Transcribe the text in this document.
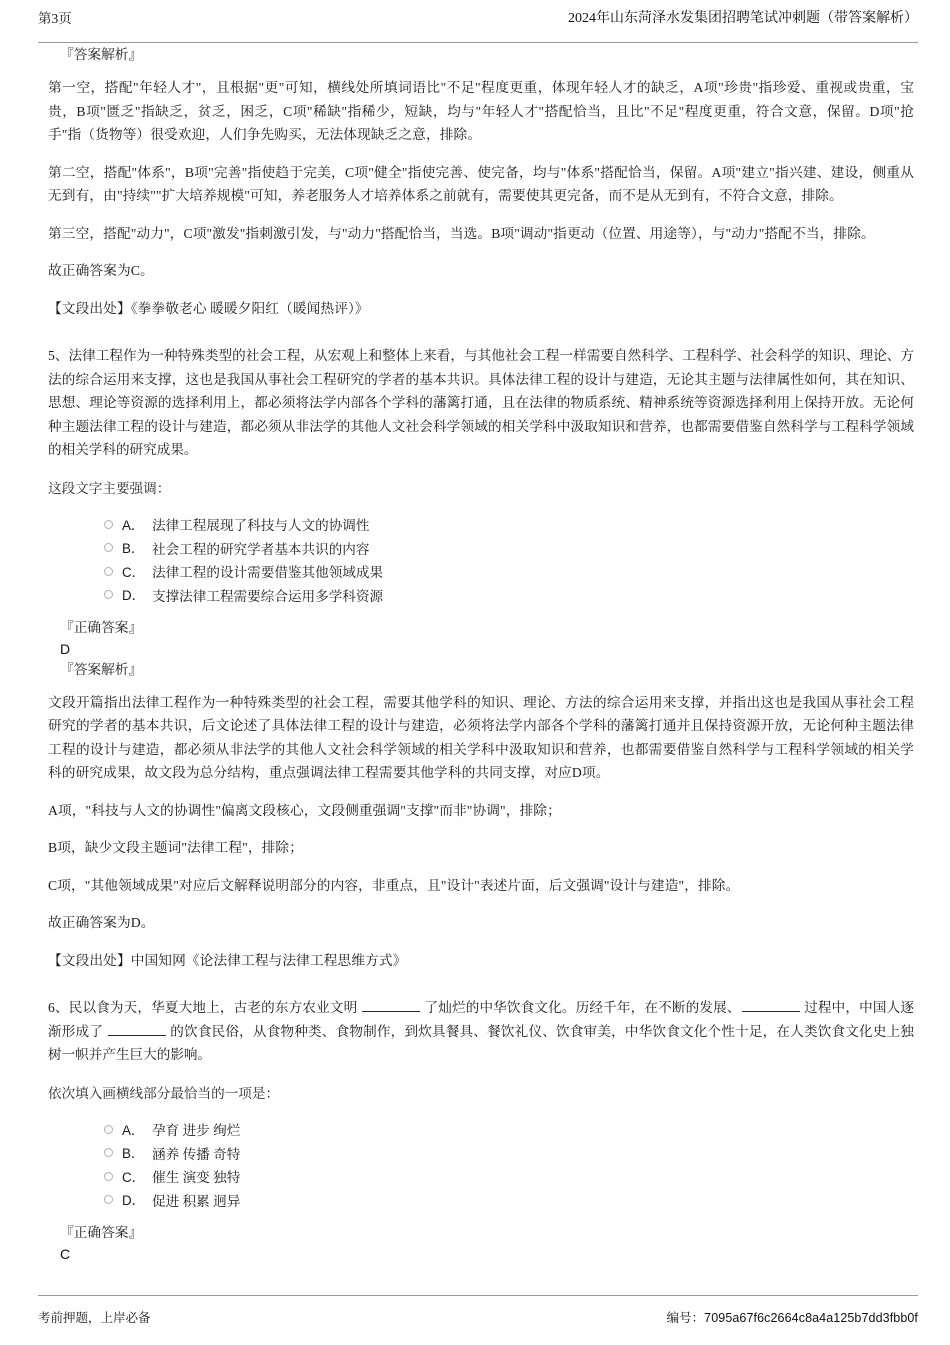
第3页	2024年山东菏泽水发集团招聘笔试冲刺题（带答案解析）
『答案解析』

第一空，搭配"年轻人才"，且根据"更"可知，横线处所填词语比"不足"程度更重，体现年轻人才的缺乏，A项"珍贵"指珍爱、重视或贵重，宝贵，B项"匮乏"指缺乏，贫乏，困乏，C项"稀缺"指稀少，短缺，均与"年轻人才"搭配恰当，且比"不足"程度更重，符合文意，保留。D项"抢手"指（货物等）很受欢迎，人们争先购买，无法体现缺乏之意，排除。

第二空，搭配"体系"，B项"完善"指使趋于完美，C项"健全"指使完善、使完备，均与"体系"搭配恰当，保留。A项"建立"指兴建、建设，侧重从无到有，由"持续""扩大培养规模"可知，养老服务人才培养体系之前就有，需要使其更完备，而不是从无到有，不符合文意，排除。

第三空，搭配"动力"，C项"激发"指刺激引发，与"动力"搭配恰当，当选。B项"调动"指更动（位置、用途等），与"动力"搭配不当，排除。

故正确答案为C。

【文段出处】《拳拳敬老心 暖暖夕阳红（暖闻热评）》

5、法律工程作为一种特殊类型的社会工程，从宏观上和整体上来看，与其他社会工程一样需要自然科学、工程科学、社会科学的知识、理论、方法的综合运用来支撑，这也是我国从事社会工程研究的学者的基本共识。具体法律工程的设计与建造，无论其主题与法律属性如何，其在知识、思想、理论等资源的选择利用上，都必须将法学内部各个学科的藩篱打通，且在法律的物质系统、精神系统等资源选择利用上保持开放。无论何种主题法律工程的设计与建造，都必须从非法学的其他人文社会科学领域的相关学科中汲取知识和营养，也都需要借鉴自然科学与工程科学领域的相关学科的研究成果。

这段文字主要强调：

A． 法律工程展现了科技与人文的协调性
B． 社会工程的研究学者基本共识的内容
C． 法律工程的设计需要借鉴其他领域成果
D． 支撑法律工程需要综合运用多学科资源
『正确答案』
D
『答案解析』

文段开篇指出法律工程作为一种特殊类型的社会工程，需要其他学科的知识、理论、方法的综合运用来支撑，并指出这也是我国从事社会工程研究的学者的基本共识，后文论述了具体法律工程的设计与建造，必须将法学内部各个学科的藩篱打通并且保持资源开放，无论何种主题法律工程的设计与建造，都必须从非法学的其他人文社会科学领域的相关学科中汲取知识和营养，也都需要借鉴自然科学与工程科学领域的相关学科的研究成果，故文段为总分结构，重点强调法律工程需要其他学科的共同支撑，对应D项。

A项，"科技与人文的协调性"偏离文段核心，文段侧重强调"支撑"而非"协调"，排除；

B项，缺少文段主题词"法律工程"，排除；

C项，"其他领域成果"对应后文解释说明部分的内容，非重点，且"设计"表述片面，后文强调"设计与建造"，排除。

故正确答案为D。

【文段出处】中国知网《论法律工程与法律工程思维方式》

6、民以食为天，华夏大地上，古老的东方农业文明	了灿烂的中华饮食文化。历经千年，在不断的发展、	过程中，中国人逐渐形成了	的饮食民俗，从食物种类、食物制作，到炊具餐具、餐饮礼仪、饮食审美，中华饮食文化个性十足，在人类饮食文化史上独树一帜并产生巨大的影响。

依次填入画横线部分最恰当的一项是：

A． 孕育 进步 绚烂
B． 涵养 传播 奇特
C． 催生 演变 独特
D． 促进 积累 迥异
『正确答案』
C
考前押题，上岸必备	编号：7095a67f6c2664c8a4a125b7dd3fbb0f
